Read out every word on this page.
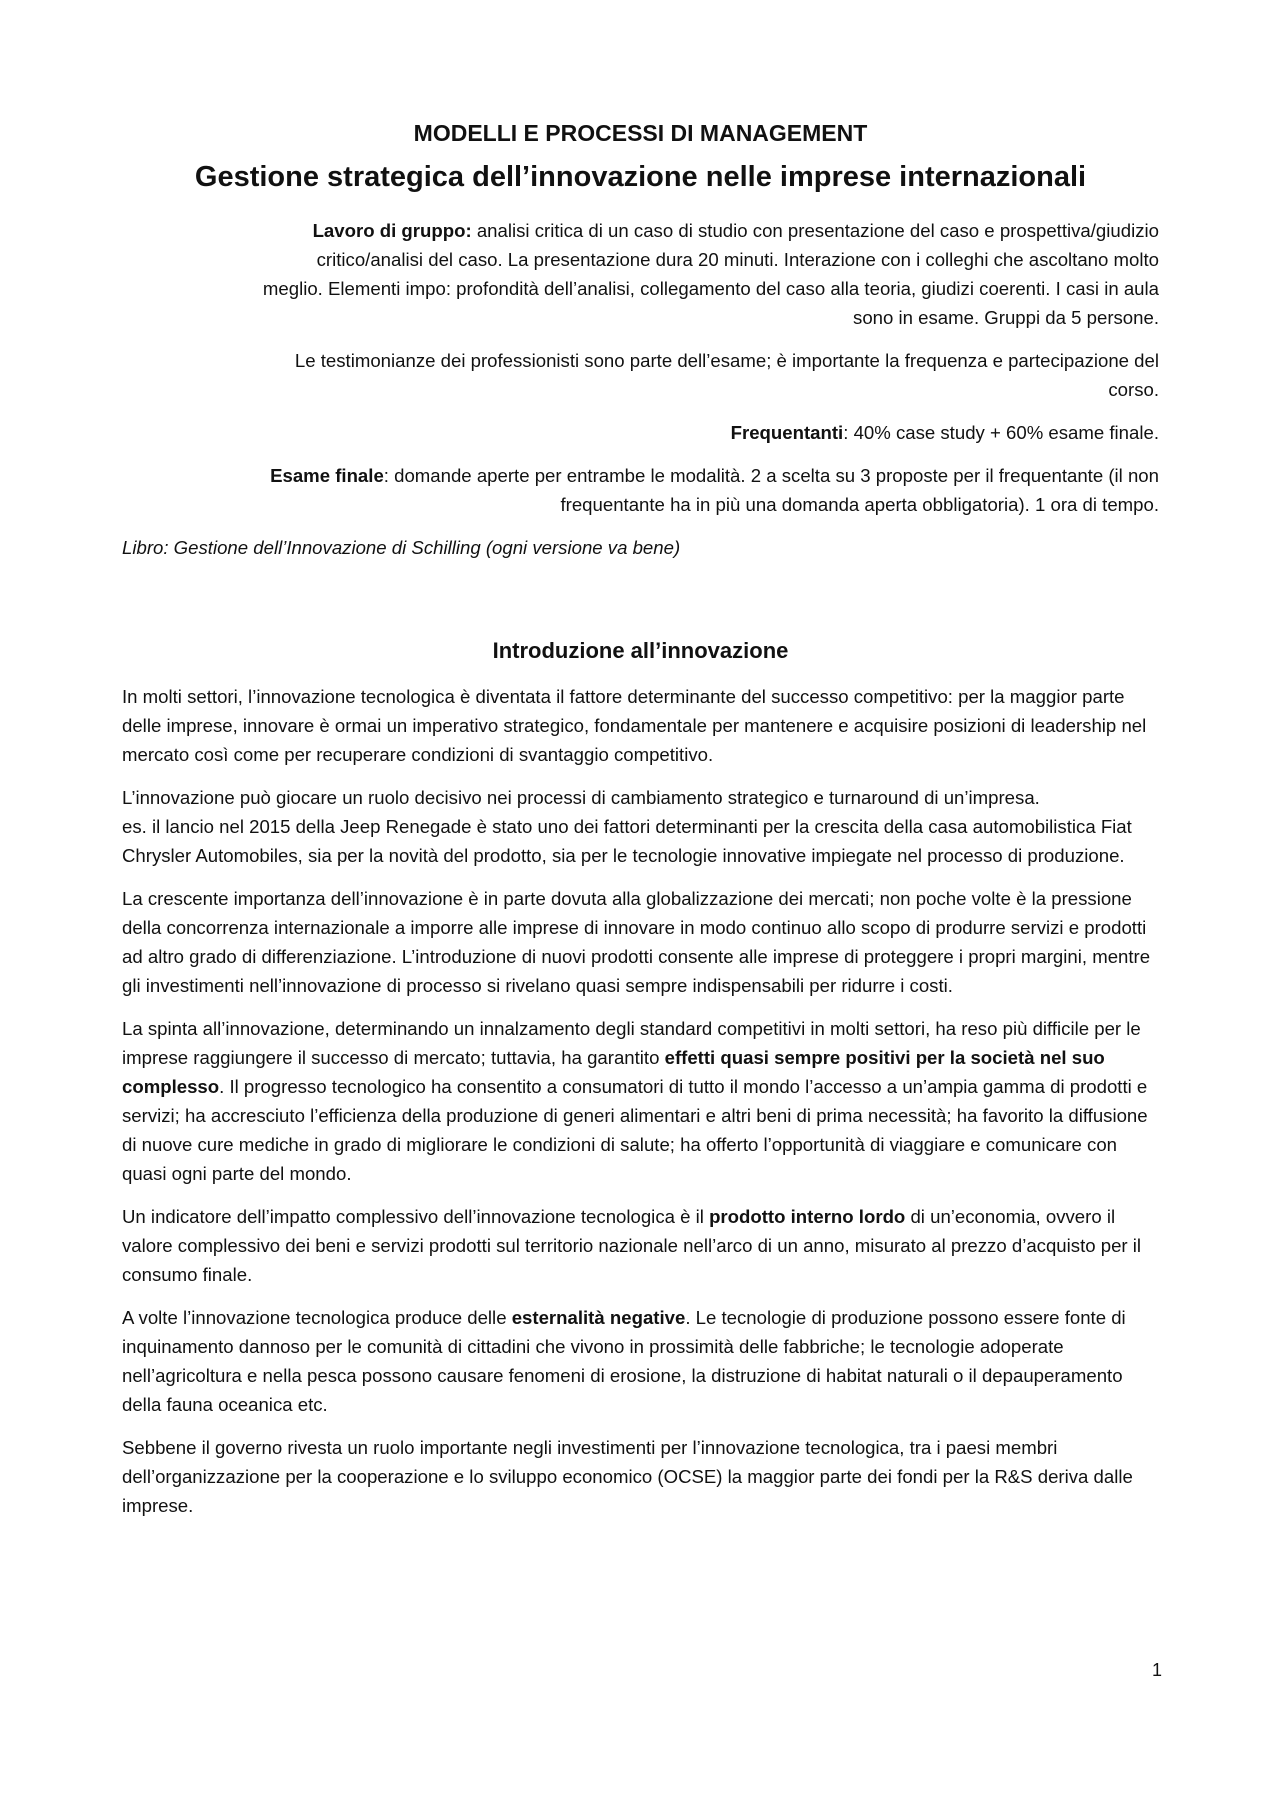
MODELLI E PROCESSI DI MANAGEMENT
Gestione strategica dell’innovazione nelle imprese internazionali
Lavoro di gruppo: analisi critica di un caso di studio con presentazione del caso e prospettiva/giudizio
critico/analisi del caso. La presentazione dura 20 minuti. Interazione con i colleghi che ascoltano molto
meglio. Elementi impo: profondità dell’analisi, collegamento del caso alla teoria, giudizi coerenti. I casi in aula
sono in esame. Gruppi da 5 persone.
Le testimonianze dei professionisti sono parte dell’esame; è importante la frequenza e partecipazione del
corso.
Frequentanti: 40% case study + 60% esame finale.
Esame finale: domande aperte per entrambe le modalità. 2 a scelta su 3 proposte per il frequentante (il non
frequentante ha in più una domanda aperta obbligatoria). 1 ora di tempo.
Libro: Gestione dell’Innovazione di Schilling (ogni versione va bene)
Introduzione all’innovazione

In molti settori, l’innovazione tecnologica è diventata il fattore determinante del successo competitivo: per la maggior parte delle imprese, innovare è ormai un imperativo strategico, fondamentale per mantenere e acquisire posizioni di leadership nel mercato così come per recuperare condizioni di svantaggio competitivo.

L’innovazione può giocare un ruolo decisivo nei processi di cambiamento strategico e turnaround di un’impresa.
es. il lancio nel 2015 della Jeep Renegade è stato uno dei fattori determinanti per la crescita della casa automobilistica Fiat Chrysler Automobiles, sia per la novità del prodotto, sia per le tecnologie innovative impiegate nel processo di produzione.

La crescente importanza dell’innovazione è in parte dovuta alla globalizzazione dei mercati; non poche volte è la pressione della concorrenza internazionale a imporre alle imprese di innovare in modo continuo allo scopo di produrre servizi e prodotti ad altro grado di differenziazione. L’introduzione di nuovi prodotti consente alle imprese di proteggere i propri margini, mentre gli investimenti nell’innovazione di processo si rivelano quasi sempre indispensabili per ridurre i costi.

La spinta all’innovazione, determinando un innalzamento degli standard competitivi in molti settori, ha reso più difficile per le imprese raggiungere il successo di mercato; tuttavia, ha garantito effetti quasi sempre positivi per la società nel suo complesso. Il progresso tecnologico ha consentito a consumatori di tutto il mondo l’accesso a un’ampia gamma di prodotti e servizi; ha accresciuto l’efficienza della produzione di generi alimentari e altri beni di prima necessità; ha favorito la diffusione di nuove cure mediche in grado di migliorare le condizioni di salute; ha offerto l’opportunità di viaggiare e comunicare con quasi ogni parte del mondo.

Un indicatore dell’impatto complessivo dell’innovazione tecnologica è il prodotto interno lordo di un’economia, ovvero il valore complessivo dei beni e servizi prodotti sul territorio nazionale nell’arco di un anno, misurato al prezzo d’acquisto per il consumo finale.

A volte l’innovazione tecnologica produce delle esternalità negative. Le tecnologie di produzione possono essere fonte di inquinamento dannoso per le comunità di cittadini che vivono in prossimità delle fabbriche; le tecnologie adoperate nell’agricoltura e nella pesca possono causare fenomeni di erosione, la distruzione di habitat naturali o il depauperamento della fauna oceanica etc.

Sebbene il governo rivesta un ruolo importante negli investimenti per l’innovazione tecnologica, tra i paesi membri dell’organizzazione per la cooperazione e lo sviluppo economico (OCSE) la maggior parte dei fondi per la R&S deriva dalle imprese.

1
